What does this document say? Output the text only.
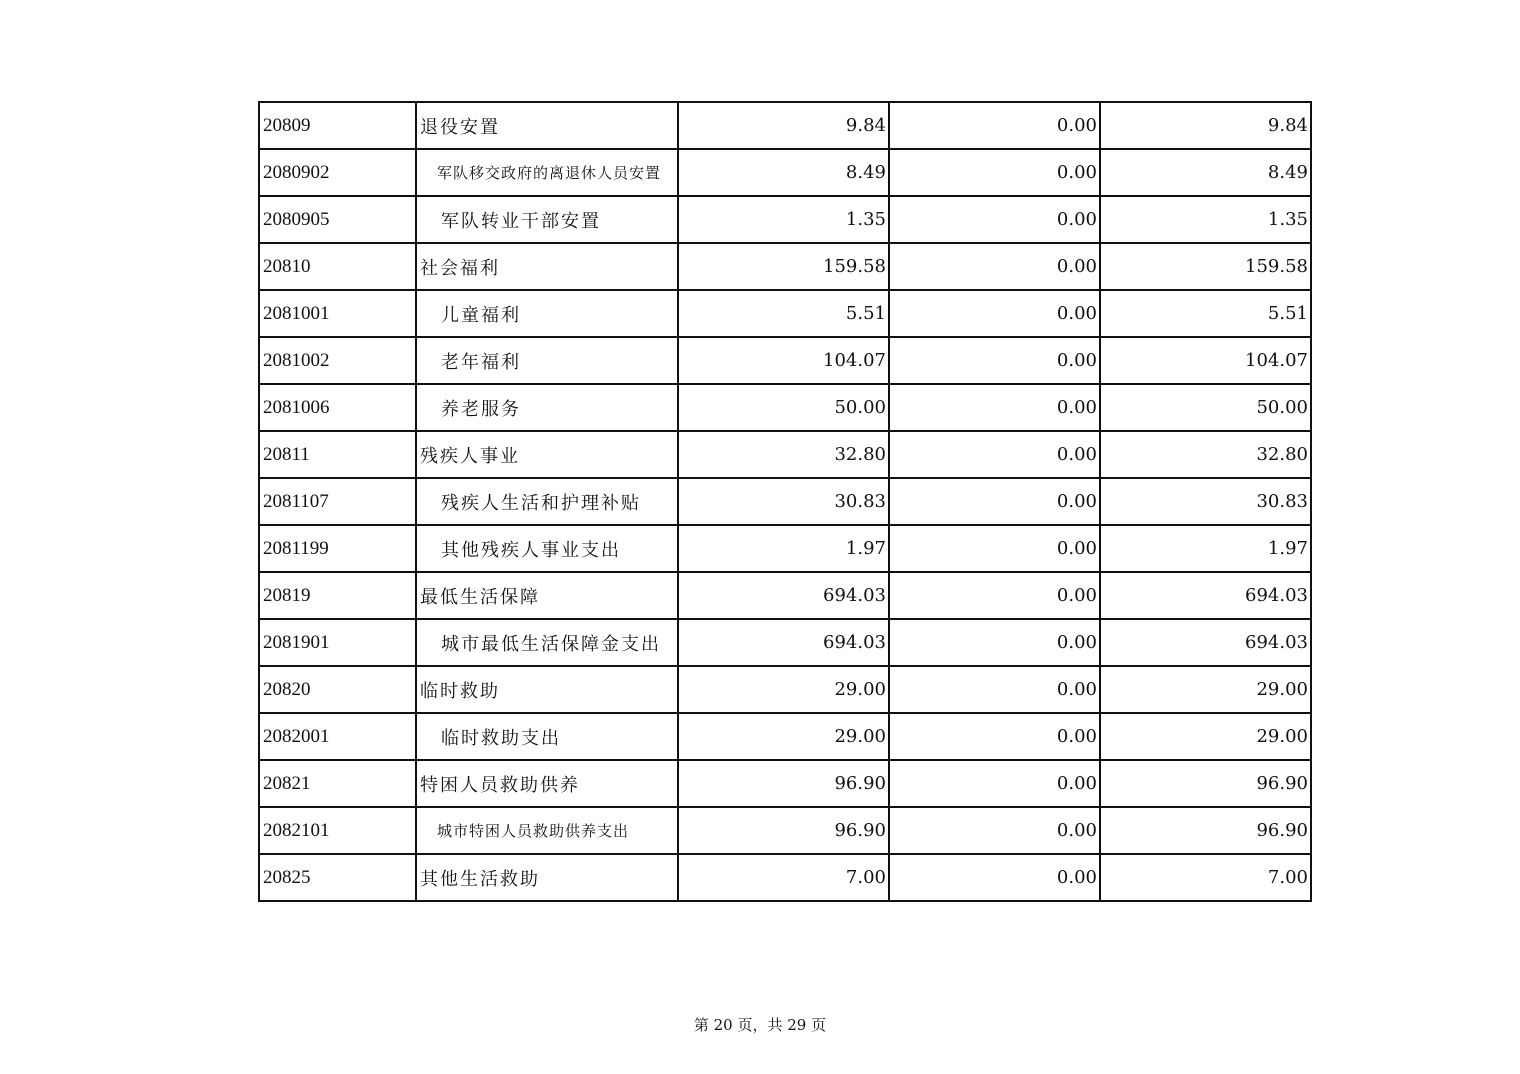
20809	退役安置	9.84	0.00	9.84
2080902	军队移交政府的离退休人员安置	8.49	0.00	8.49
2080905	军队转业干部安置	1.35	0.00	1.35
20810	社会福利	159.58	0.00	159.58
2081001	儿童福利	5.51	0.00	5.51
2081002	老年福利	104.07	0.00	104.07
2081006	养老服务	50.00	0.00	50.00
20811	残疾人事业	32.80	0.00	32.80
2081107	残疾人生活和护理补贴	30.83	0.00	30.83
2081199	其他残疾人事业支出	1.97	0.00	1.97
20819	最低生活保障	694.03	0.00	694.03
2081901	城市最低生活保障金支出	694.03	0.00	694.03
20820	临时救助	29.00	0.00	29.00
2082001	临时救助支出	29.00	0.00	29.00
20821	特困人员救助供养	96.90	0.00	96.90
2082101	城市特困人员救助供养支出	96.90	0.00	96.90
20825	其他生活救助	7.00	0.00	7.00
第 20 页，共 29 页
